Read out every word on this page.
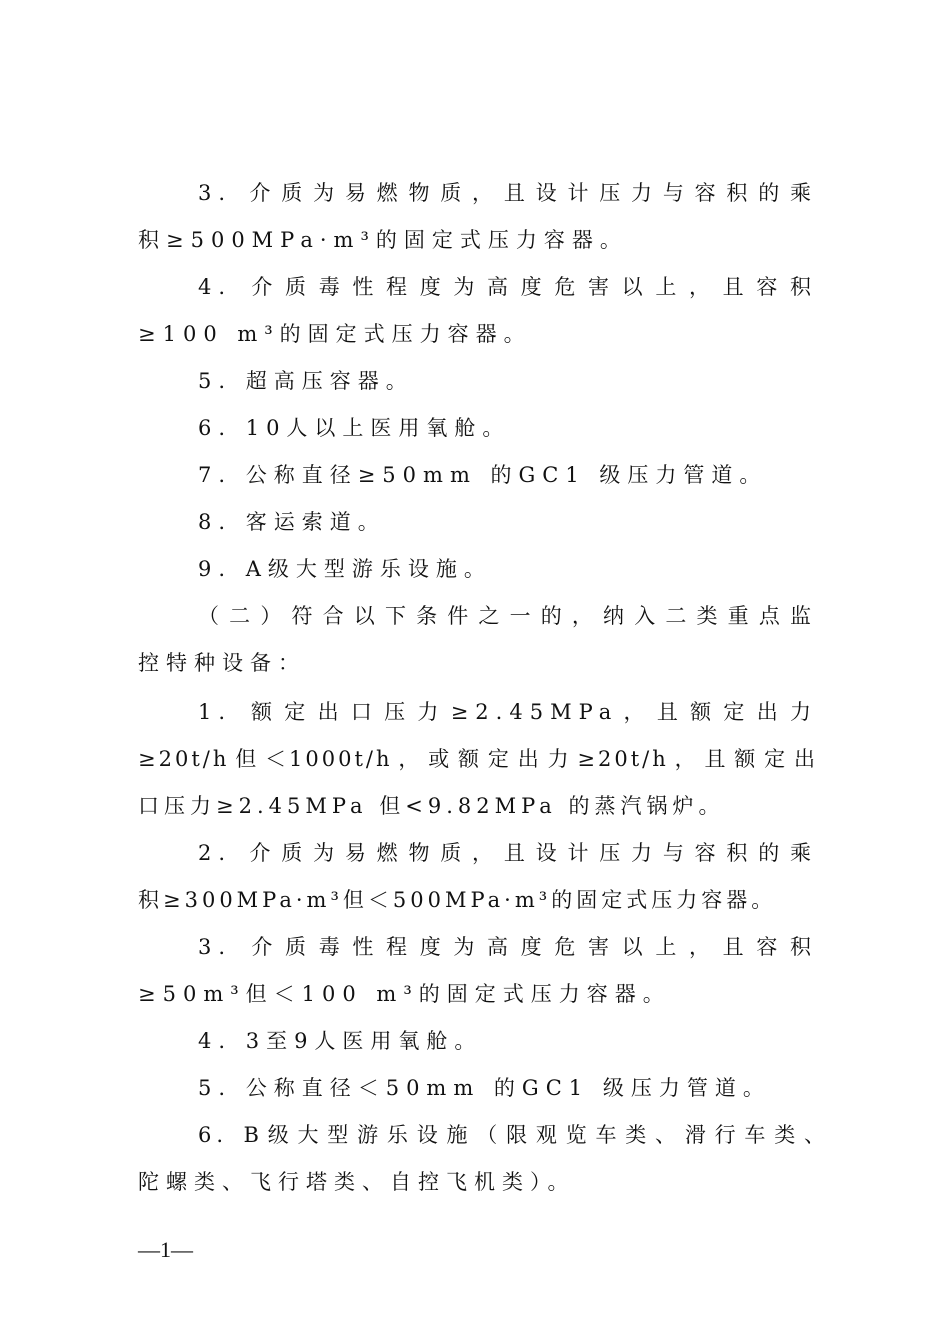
3. 介质为易燃物质，且设计压力与容积的乘
积≥500MPa·m³的固定式压力容器。
4. 介质毒性程度为高度危害以上，且容积
≥100 m³的固定式压力容器。
5. 超高压容器。
6. 10人以上医用氧舱。
7. 公称直径≥50mm 的GC1 级压力管道。
8. 客运索道。
9. A级大型游乐设施。
（二）符合以下条件之一的，纳入二类重点监
控特种设备：
1. 额定出口压力≥2.45MPa，且额定出力
≥20t/h但＜1000t/h，或额定出力≥20t/h，且额定出
口压力≥2.45MPa 但<9.82MPa 的蒸汽锅炉。
2. 介质为易燃物质，且设计压力与容积的乘
积≥300MPa·m³但＜500MPa·m³的固定式压力容器。
3. 介质毒性程度为高度危害以上，且容积
≥50m³但＜100 m³的固定式压力容器。
4. 3至9人医用氧舱。
5. 公称直径＜50mm 的GC1 级压力管道。
6. B级大型游乐设施（限观览车类、滑行车类、
陀螺类、飞行塔类、自控飞机类）。
—1—
